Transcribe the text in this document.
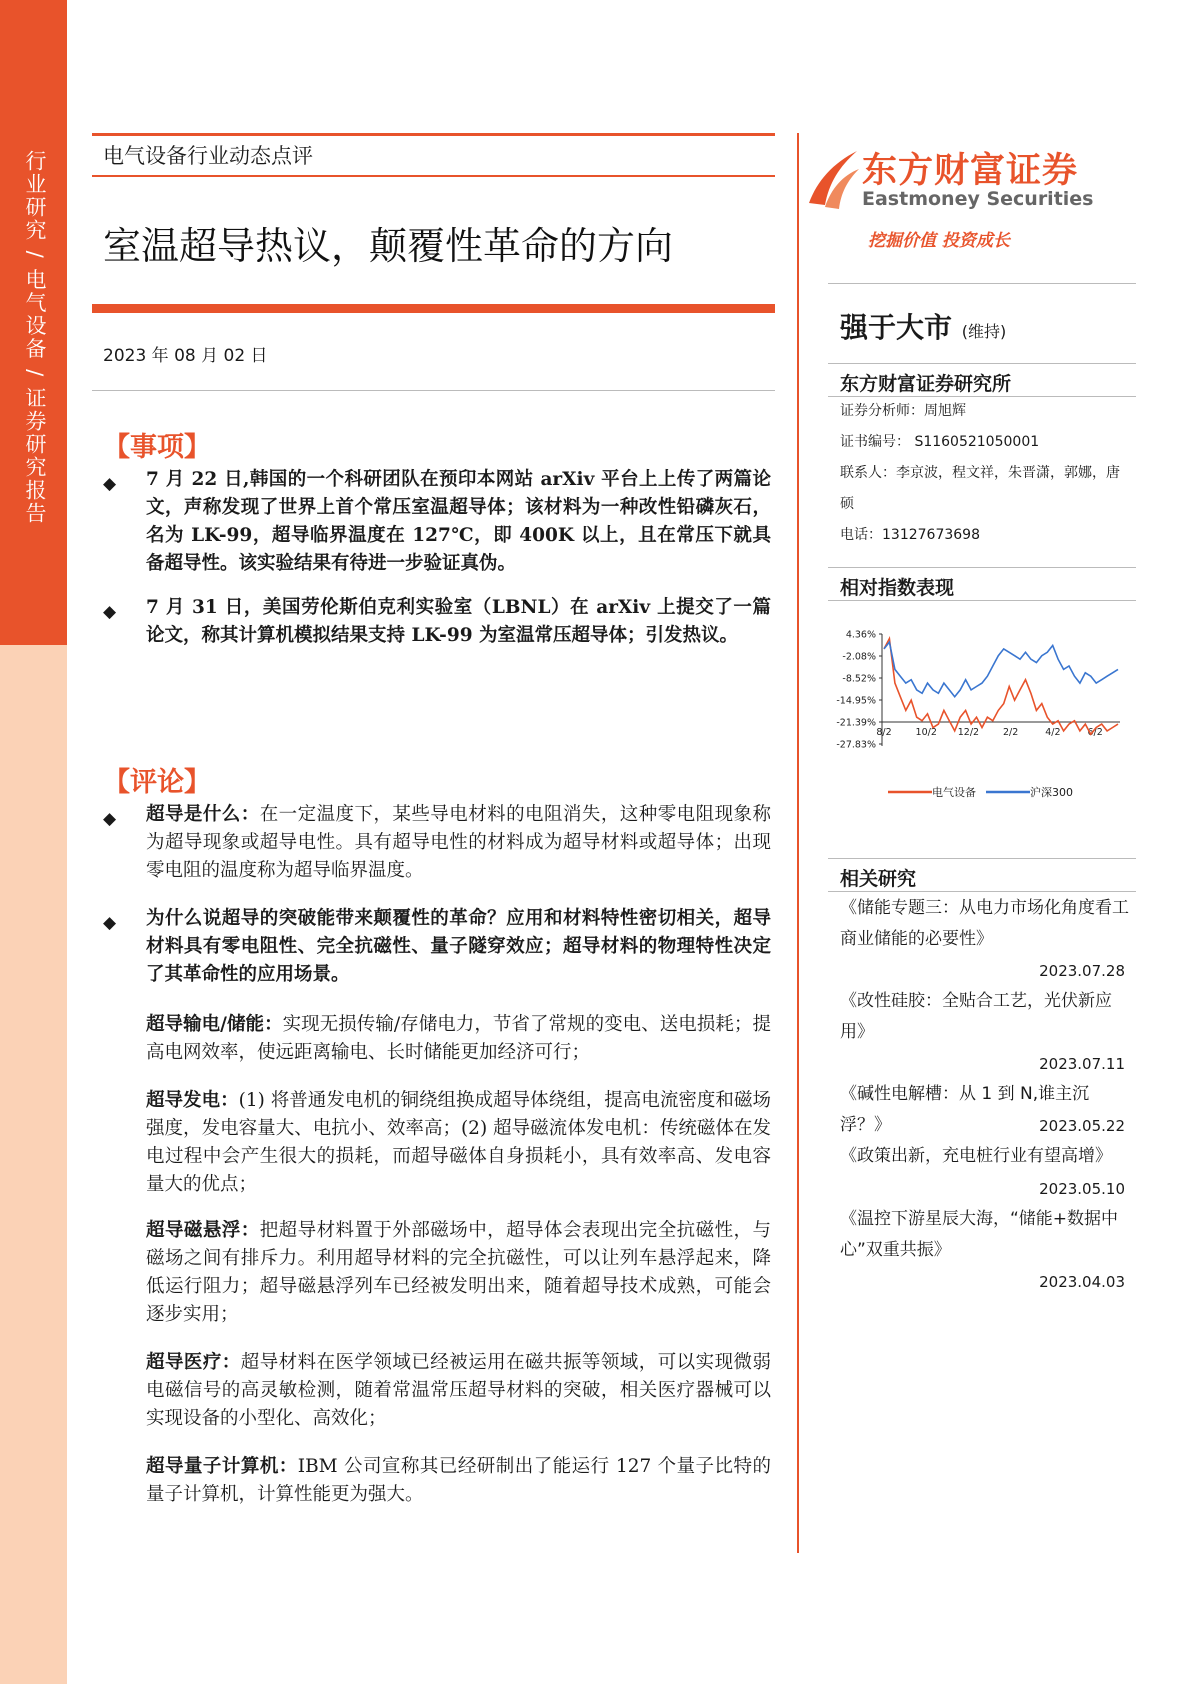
行业研究 / 电气设备 / 证券研究报告	电气设备行业动态点评
室温超导热议，颠覆性革命的方向
2023 年 08 月 02 日
【事项】
◆ 7 月 22 日,韩国的一个科研团队在预印本网站 arXiv 平台上上传了两篇论文，声称发现了世界上首个常压室温超导体；该材料为一种改性铅磷灰石，名为 LK-99，超导临界温度在 127℃，即 400K 以上，且在常压下就具备超导性。该实验结果有待进一步验证真伪。

◆ 7 月 31 日，美国劳伦斯伯克利实验室（LBNL）在 arXiv 上提交了一篇论文，称其计算机模拟结果支持 LK-99 为室温常压超导体；引发热议。

【评论】
◆ 超导是什么：在一定温度下，某些导电材料的电阻消失，这种零电阻现象称为超导现象或超导电性。具有超导电性的材料成为超导材料或超导体；出现零电阻的温度称为超导临界温度。

◆ 为什么说超导的突破能带来颠覆性的革命？应用和材料特性密切相关，超导材料具有零电阻性、完全抗磁性、量子隧穿效应；超导材料的物理特性决定了其革命性的应用场景。

超导输电/储能：实现无损传输/存储电力，节省了常规的变电、送电损耗；提高电网效率，使远距离输电、长时储能更加经济可行；

超导发电：(1) 将普通发电机的铜绕组换成超导体绕组，提高电流密度和磁场强度，发电容量大、电抗小、效率高；(2) 超导磁流体发电机：传统磁体在发电过程中会产生很大的损耗，而超导磁体自身损耗小，具有效率高、发电容量大的优点；

超导磁悬浮：把超导材料置于外部磁场中，超导体会表现出完全抗磁性，与磁场之间有排斥力。利用超导材料的完全抗磁性，可以让列车悬浮起来，降低运行阻力；超导磁悬浮列车已经被发明出来，随着超导技术成熟，可能会逐步实用；

超导医疗：超导材料在医学领域已经被运用在磁共振等领域，可以实现微弱电磁信号的高灵敏检测，随着常温常压超导材料的突破，相关医疗器械可以实现设备的小型化、高效化；

超导量子计算机：IBM 公司宣称其已经研制出了能运行 127 个量子比特的量子计算机，计算性能更为强大。

东方财富证券
Eastmoney Securities
挖掘价值 投资成长
强于大市 (维持)
东方财富证券研究所
证券分析师：周旭辉
证书编号： S1160521050001
联系人：李京波，程文祥，朱晋潇，郭娜，唐硕
电话：13127673698
相对指数表现
4.36%
-2.08%
-8.52%
-14.95%
-21.39%
-27.83%
8/2	10/2 12/2	2/2	4/2	6/2
电气设备	沪深300
相关研究
《储能专题三：从电力市场化角度看工商业储能的必要性》
2023.07.28
《改性硅胶：全贴合工艺，光伏新应用》
2023.07.11
《碱性电解槽：从 1 到 N,谁主沉浮？》	2023.05.22
《政策出新，充电桩行业有望高增》
2023.05.10
《温控下游星辰大海，“储能+数据中心”双重共振》
2023.04.03
